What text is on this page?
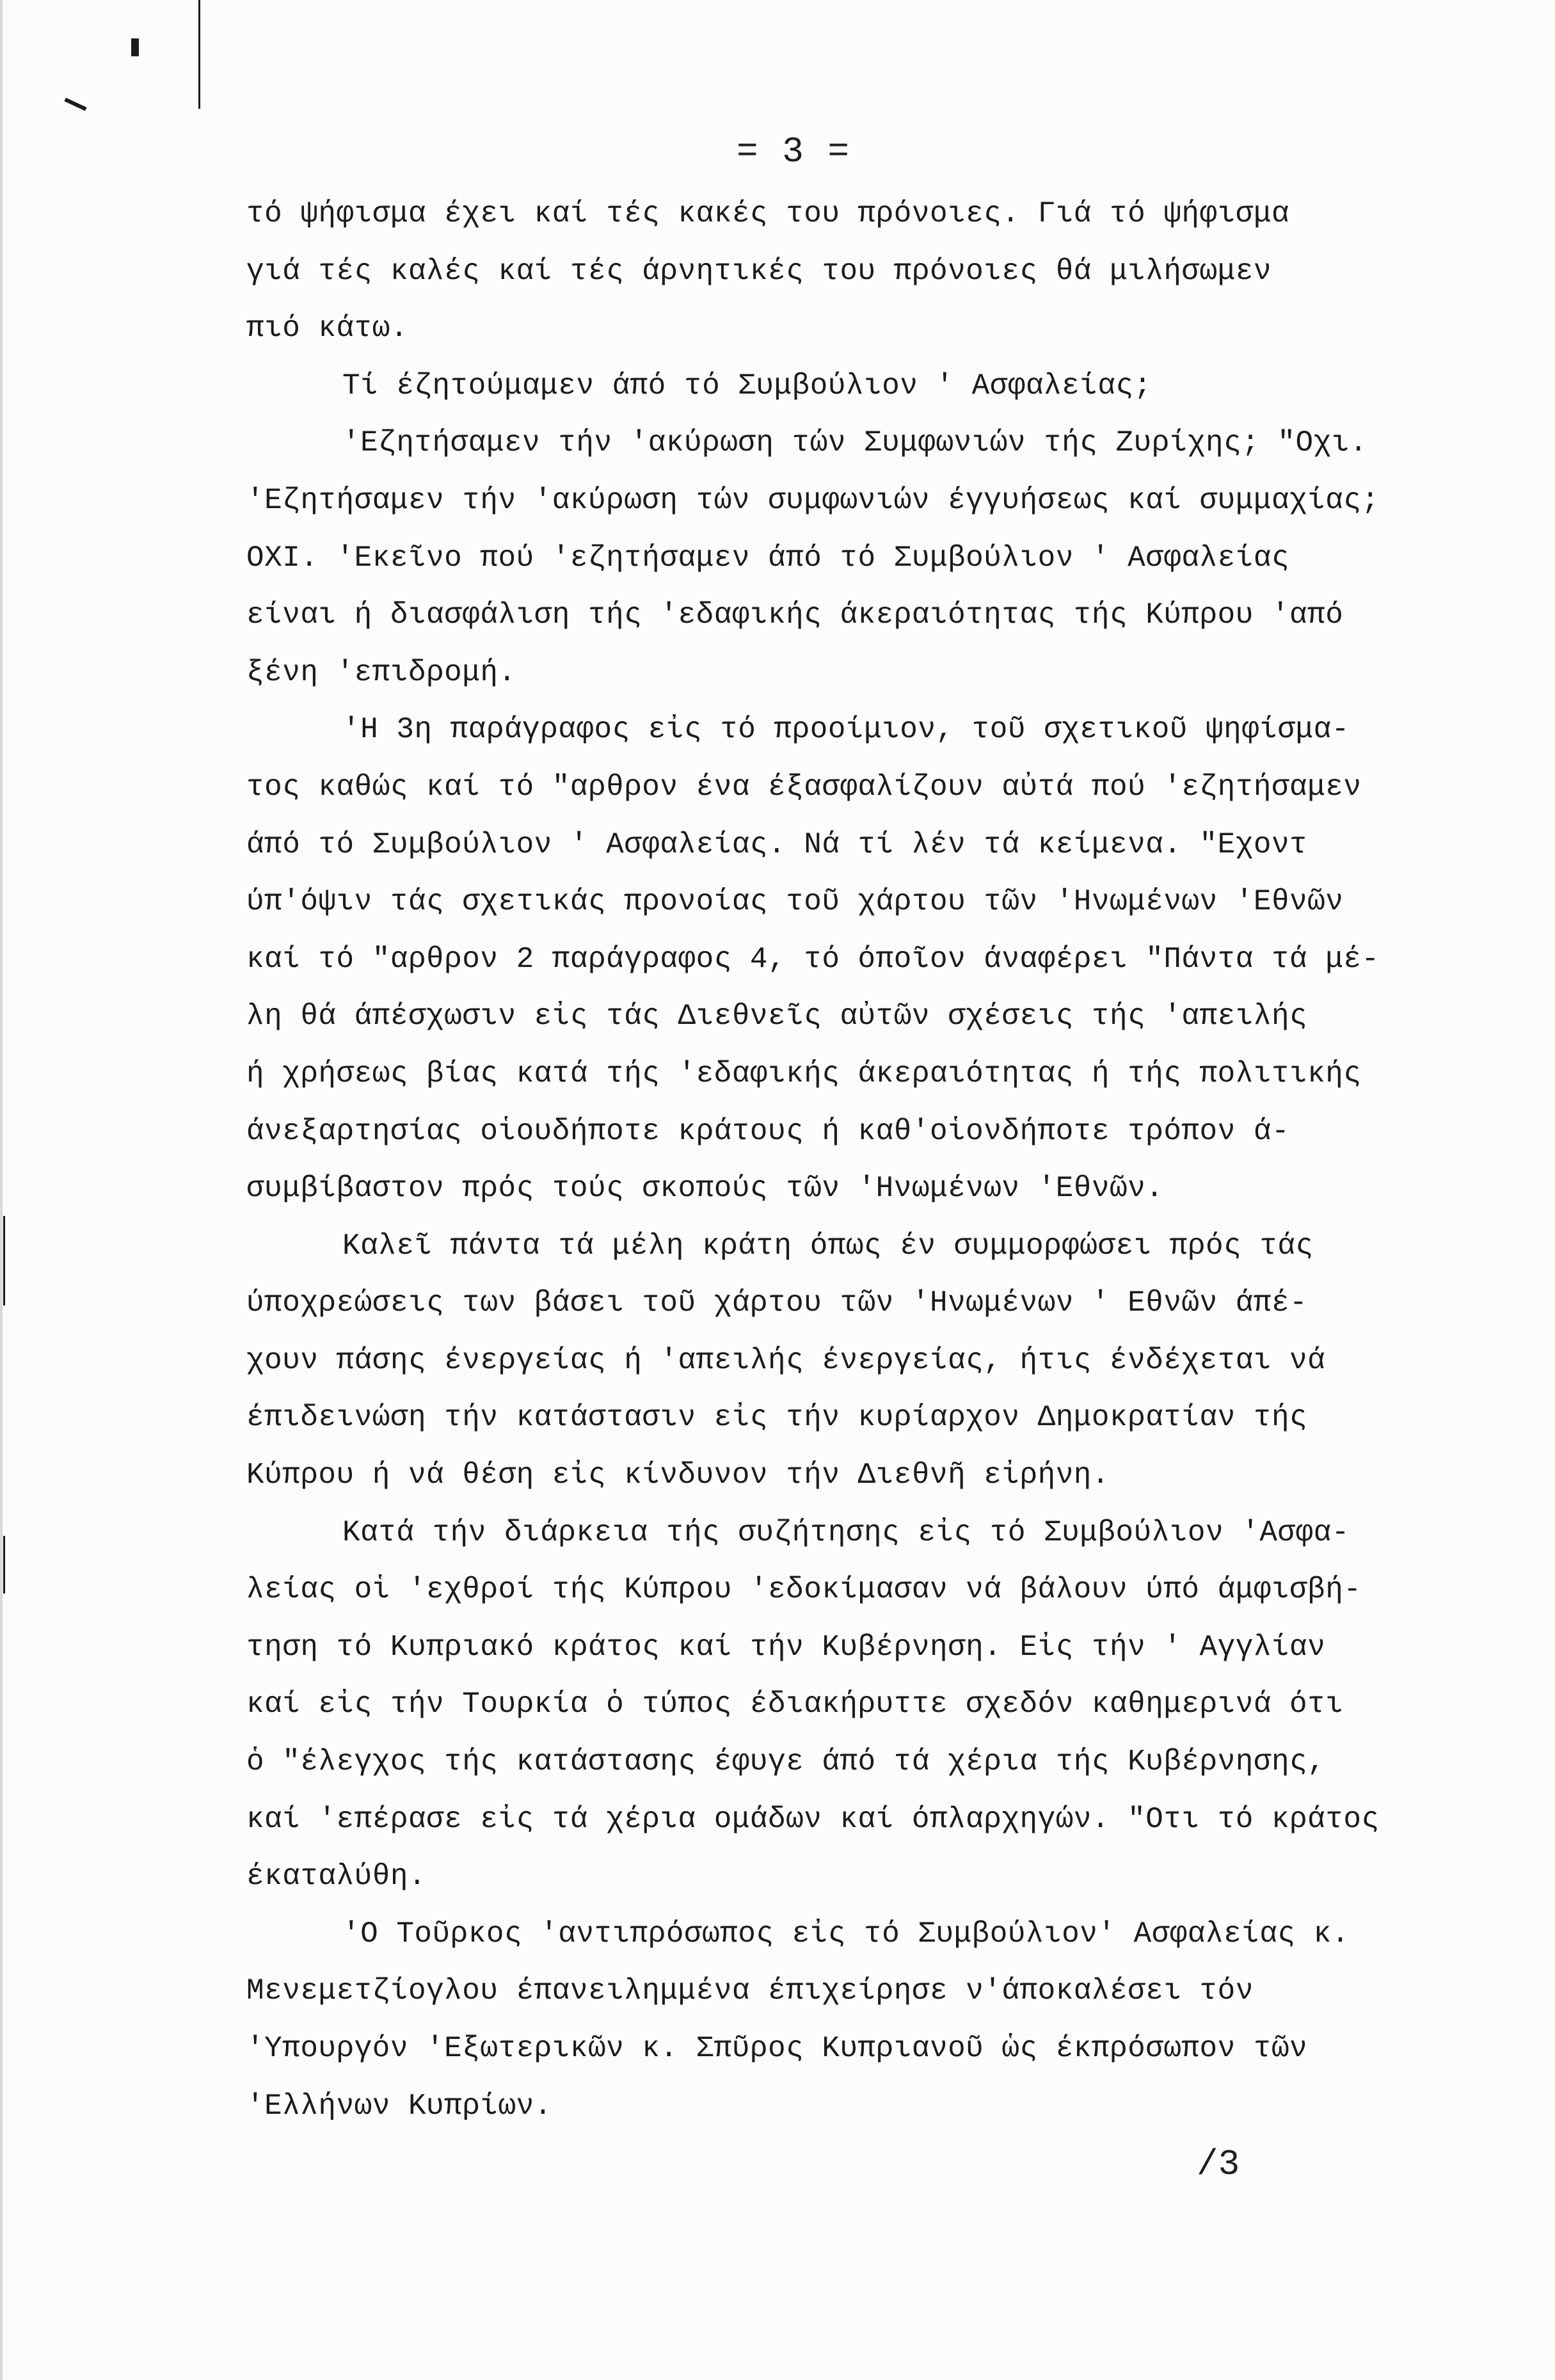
= 3 =
τό ψήφισμα έχει καί τές κακές του πρόνοιες. Γιά τό ψήφισμα
γιά τές καλές καί τές άρνητικές του πρόνοιες θά μιλήσωμεν
πιό κάτω.
Τί έζητούμαμεν άπό τό Συμβούλιον ' Ασφαλείας;
'Εζητήσαμεν τήν 'ακύρωση τών Συμφωνιών τής Ζυρίχης; "Οχι.
'Εζητήσαμεν τήν 'ακύρωση τών συμφωνιών έγγυήσεως καί συμμαχίας;
ΟΧΙ. 'Εκεῖνο πού 'εζητήσαμεν άπό τό Συμβούλιον ' Ασφαλείας
είναι ή διασφάλιση τής 'εδαφικής άκεραιότητας τής Κύπρου 'από
ξένη 'επιδρομή.
'Η 3η παράγραφος εἰς τό προοίμιον, τοῦ σχετικοῦ ψηφίσμα-
τος καθώς καί τό "αρθρον ένα έξασφαλίζουν αὐτά πού 'εζητήσαμεν
άπό τό Συμβούλιον ' Ασφαλείας. Νά τί λέν τά κείμενα. "Εχοντ
ύπ'όψιν τάς σχετικάς προνοίας τοῦ χάρτου τῶν 'Ηνωμένων 'Εθνῶν
καί τό "αρθρον 2 παράγραφος 4, τό όποῖον άναφέρει "Πάντα τά μέ-
λη θά άπέσχωσιν εἰς τάς Διεθνεῖς αὐτῶν σχέσεις τής 'απειλής
ή χρήσεως βίας κατά τής 'εδαφικής άκεραιότητας ή τής πολιτικής
άνεξαρτησίας οἱουδήποτε κράτους ή καθ'οἱονδήποτε τρόπον ά-
συμβίβαστον πρός τούς σκοπούς τῶν 'Ηνωμένων 'Εθνῶν.
Καλεῖ πάντα τά μέλη κράτη όπως έν συμμορφώσει πρός τάς
ύποχρεώσεις των βάσει τοῦ χάρτου τῶν 'Ηνωμένων ' Εθνῶν άπέ-
χουν πάσης ένεργείας ή 'απειλής ένεργείας, ήτις ένδέχεται νά
έπιδεινώση τήν κατάστασιν εἰς τήν κυρίαρχον Δημοκρατίαν τής
Κύπρου ή νά θέση εἰς κίνδυνον τήν Διεθνῆ εἰρήνη.
Κατά τήν διάρκεια τής συζήτησης εἰς τό Συμβούλιον 'Ασφα-
λείας οἱ 'εχθροί τής Κύπρου 'εδοκίμασαν νά βάλουν ύπό άμφισβή-
τηση τό Κυπριακό κράτος καί τήν Κυβέρνηση. Εἰς τήν ' Αγγλίαν
καί εἰς τήν Τουρκία ὁ τύπος έδιακήρυττε σχεδόν καθημερινά ότι
ὁ "έλεγχος τής κατάστασης έφυγε άπό τά χέρια τής Κυβέρνησης,
καί 'επέρασε εἰς τά χέρια ομάδων καί όπλαρχηγών. "Οτι τό κράτος
έκαταλύθη.
'Ο Τοῦρκος 'αντιπρόσωπος εἰς τό Συμβούλιον' Ασφαλείας κ.
Μενεμετζίογλου έπανειλημμένα έπιχείρησε ν'άποκαλέσει τόν
'Υπουργόν 'Εξωτερικῶν κ. Σπῦρος Κυπριανοῦ ὡς έκπρόσωπον τῶν
'Ελλήνων Κυπρίων.
/3
